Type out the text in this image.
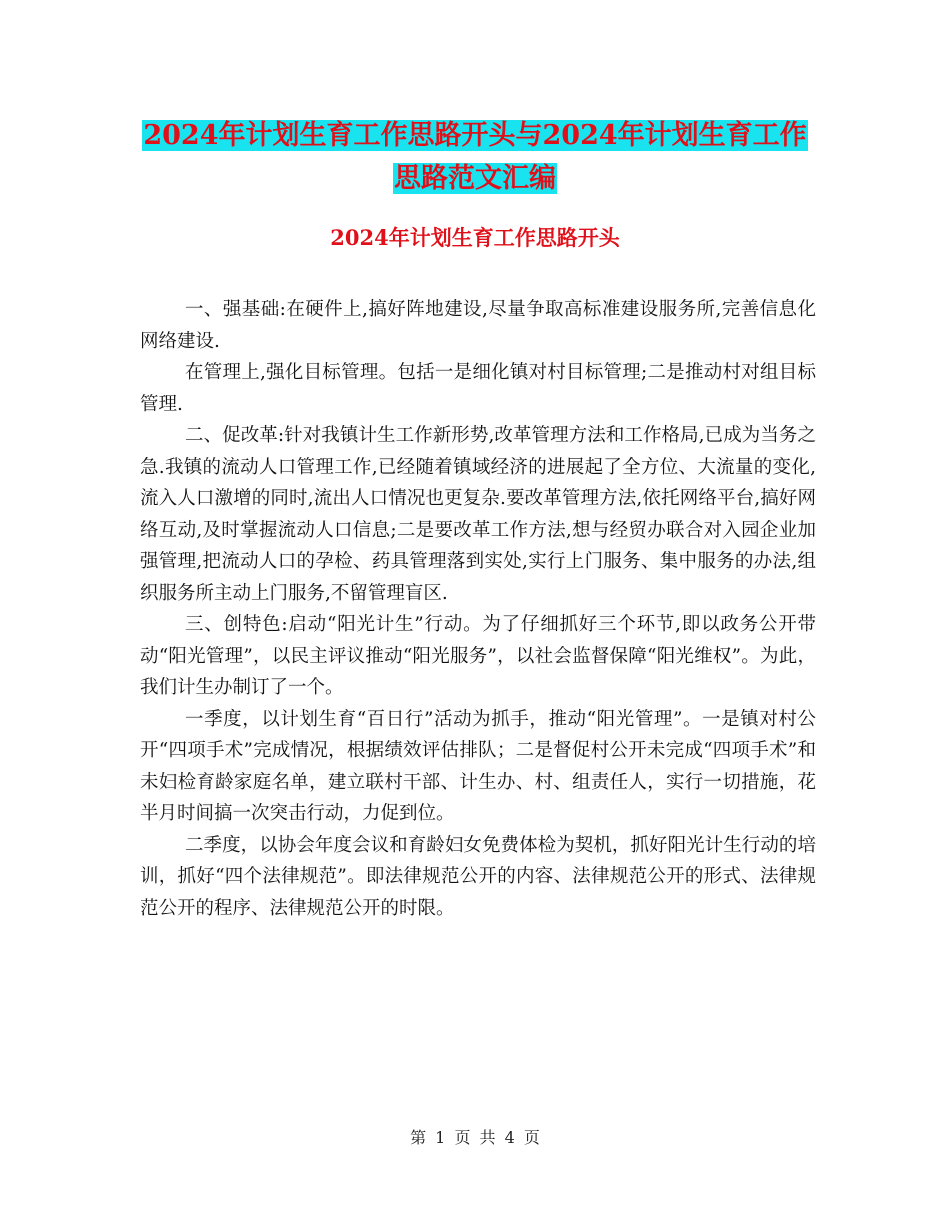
2024年计划生育工作思路开头与2024年计划生育工作
思路范文汇编
2024年计划生育工作思路开头

一、强基础:在硬件上,搞好阵地建设,尽量争取高标准建设服务所,完善信息化网络建设.

在管理上,强化目标管理。包括一是细化镇对村目标管理;二是推动村对组目标管理.

二、促改革:针对我镇计生工作新形势,改革管理方法和工作格局,已成为当务之急.我镇的流动人口管理工作,已经随着镇域经济的进展起了全方位、大流量的变化,流入人口激增的同时,流出人口情况也更复杂.要改革管理方法,依托网络平台,搞好网络互动,及时掌握流动人口信息;二是要改革工作方法,想与经贸办联合对入园企业加强管理,把流动人口的孕检、药具管理落到实处,实行上门服务、集中服务的办法,组织服务所主动上门服务,不留管理盲区.

三、创特色:启动“阳光计生”行动。为了仔细抓好三个环节,即以政务公开带动“阳光管理”，以民主评议推动“阳光服务”，以社会监督保障“阳光维权”。为此，我们计生办制订了一个。

一季度，以计划生育“百日行”活动为抓手，推动“阳光管理”。一是镇对村公开“四项手术”完成情况，根据绩效评估排队；二是督促村公开未完成“四项手术”和未妇检育龄家庭名单，建立联村干部、计生办、村、组责任人，实行一切措施，花半月时间搞一次突击行动，力促到位。

二季度，以协会年度会议和育龄妇女免费体检为契机，抓好阳光计生行动的培训，抓好“四个法律规范”。即法律规范公开的内容、法律规范公开的形式、法律规范公开的程序、法律规范公开的时限。

第 1 页 共 4 页
